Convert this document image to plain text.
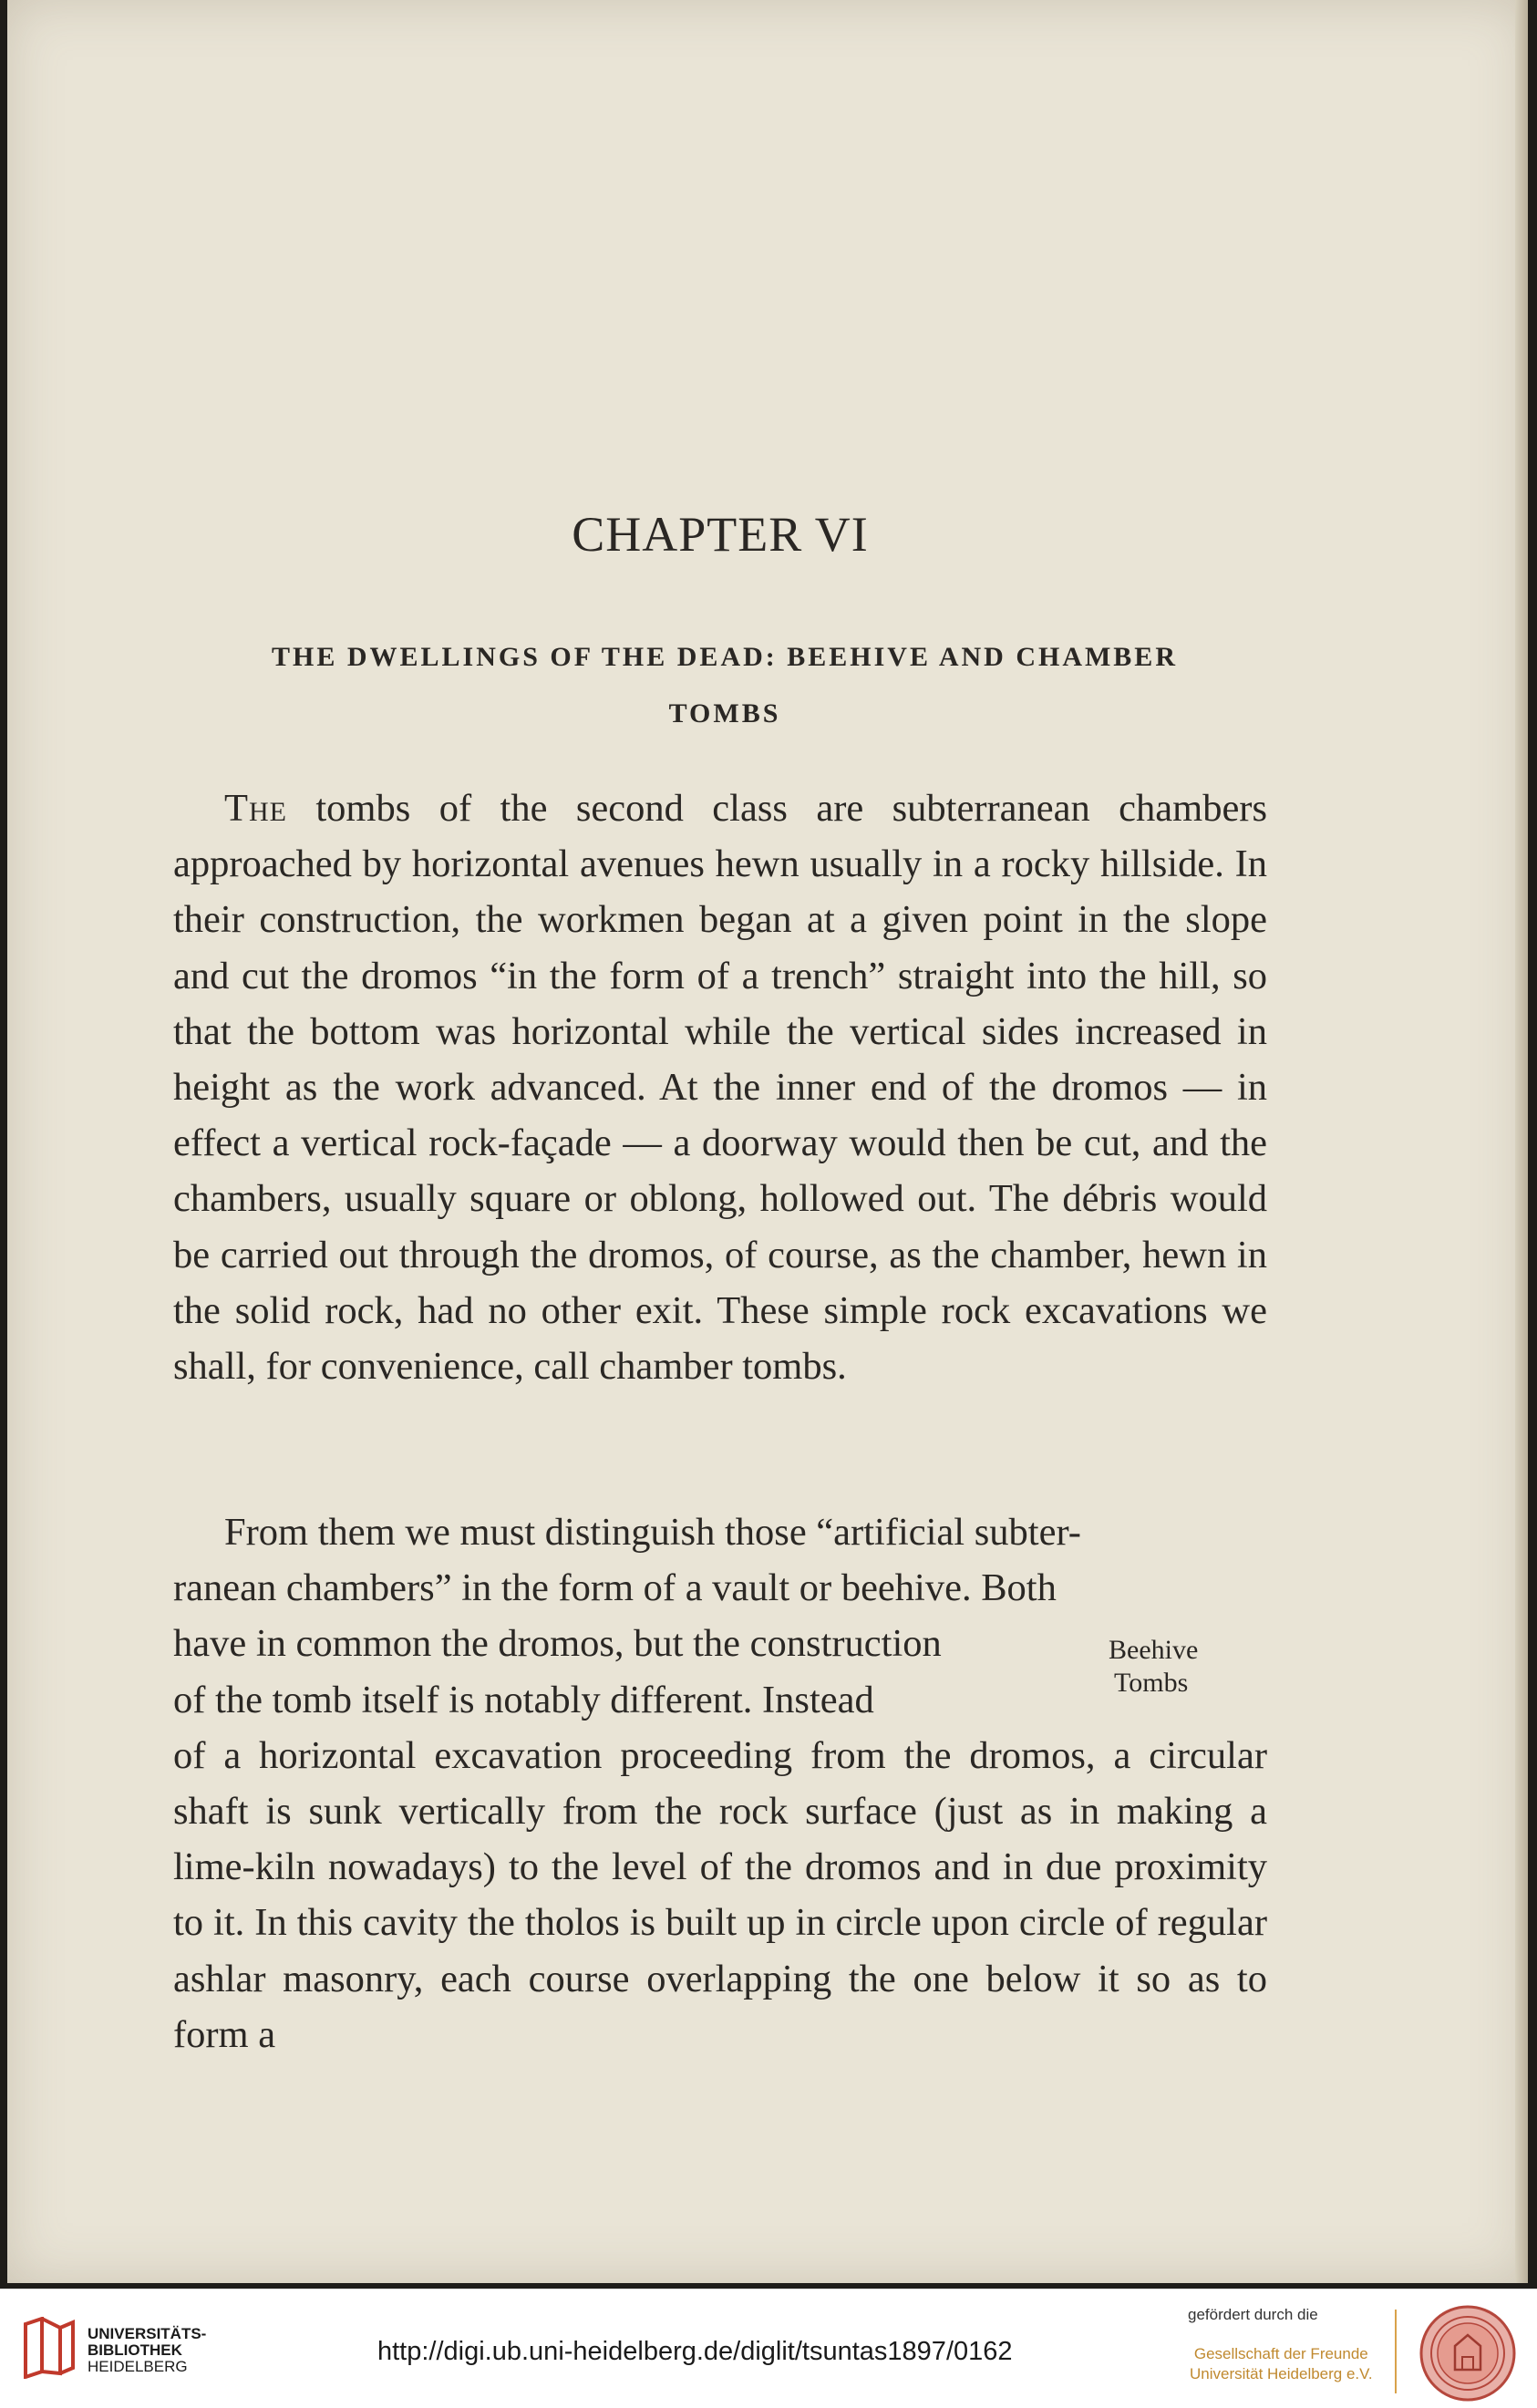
CHAPTER VI
THE DWELLINGS OF THE DEAD: BEEHIVE AND CHAMBER
TOMBS
The tombs of the second class are subterranean chambers approached by horizontal avenues hewn usually in a rocky hillside. In their construction, the workmen began at a given point in the slope and cut the dromos “in the form of a trench” straight into the hill, so that the bottom was horizontal while the vertical sides increased in height as the work advanced. At the inner end of the dromos — in effect a vertical rock-façade — a doorway would then be cut, and the chambers, usually square or oblong, hollowed out. The débris would be carried out through the dromos, of course, as the chamber, hewn in the solid rock, had no other exit. These simple rock excavations we shall, for convenience, call chamber tombs.
From them we must distinguish those “artificial subter-
ranean chambers” in the form of a vault or beehive. Both
have in common the dromos, but the construction
of the tomb itself is notably different. Instead
of a horizontal excavation proceeding from the dromos, a circular shaft is sunk vertically from the rock surface (just as in making a lime-kiln nowadays) to the level of the dromos and in due proximity to it. In this cavity the tholos is built up in circle upon circle of regular ashlar masonry, each course overlapping the one below it so as to form a
Beehive
Tombs
UNIVERSITÄTS-
BIBLIOTHEK
HEIDELBERG
http://digi.ub.uni-heidelberg.de/diglit/tsuntas1897/0162
gefördert durch die
Gesellschaft der Freunde
Universität Heidelberg e.V.
